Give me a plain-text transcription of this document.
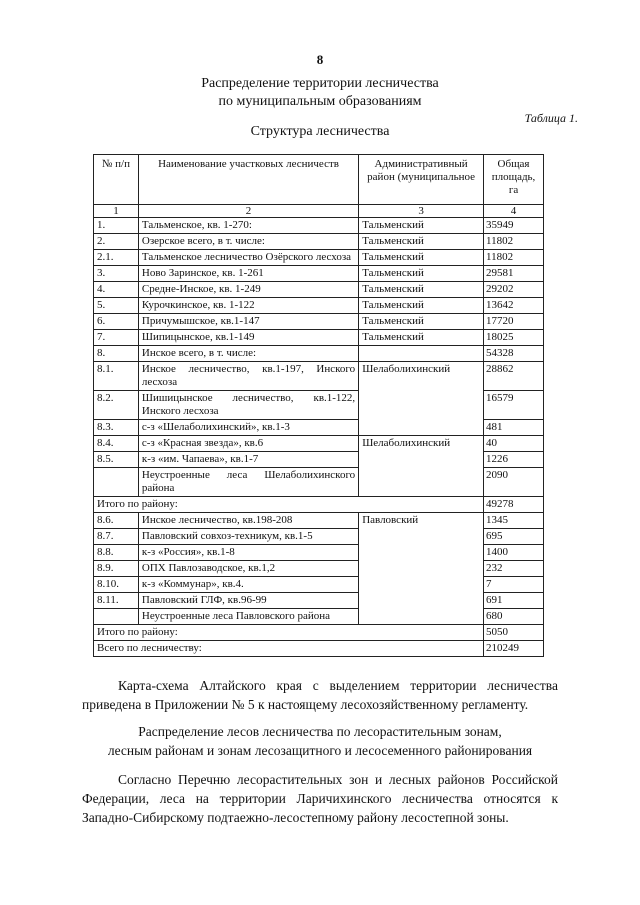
8
Распределение территории лесничества
по муниципальным образованиям
Таблица 1.
Структура лесничества
№ п/п	Наименование участковых лесничеств	Административный район (муниципальное	Общая площадь, га
1	2	3	4
1.	Тальменское, кв. 1-270:	Тальменский	35949
2.	Озерское всего, в т. числе:	Тальменский	11802
2.1.	Тальменское лесничество Озёрского лесхоза	Тальменский	11802
3.	Ново Заринское, кв. 1-261	Тальменский	29581
4.	Средне-Инское, кв. 1-249	Тальменский	29202
5.	Курочкинское, кв. 1-122	Тальменский	13642
6.	Причумышское, кв.1-147	Тальменский	17720
7.	Шипицынское, кв.1-149	Тальменский	18025
8.	Инское всего, в т. числе:		54328
8.1.	Инское лесничество, кв.1-197, Инского лесхоза	Шелаболихинский	28862
8.2.	Шишицынское лесничество, кв.1-122, Инского лесхоза		16579
8.3.	с-з «Шелаболихинский», кв.1-3		481
8.4.	с-з «Красная звезда», кв.6	Шелаболихинский	40
8.5.	к-з «им. Чапаева», кв.1-7		1226
	Неустроенные леса Шелаболихинского района		2090
Итого по району:			49278
8.6.	Инское лесничество, кв.198-208	Павловский	1345
8.7.	Павловский совхоз-техникум, кв.1-5		695
8.8.	к-з «Россия», кв.1-8		1400
8.9.	ОПХ Павлозаводское, кв.1,2		232
8.10.	к-з «Коммунар», кв.4.		7
8.11.	Павловский ГЛФ, кв.96-99		691
	Неустроенные леса Павловского района		680
Итого по району:			5050
Всего по лесничеству:			210249
Карта-схема Алтайского края с выделением территории лесничества приведена в Приложении № 5 к настоящему лесохозяйственному регламенту.
Распределение лесов лесничества по лесорастительным зонам,
лесным районам и зонам лесозащитного и лесосеменного районирования
Согласно Перечню лесорастительных зон и лесных районов Российской Федерации, леса на территории Ларичихинского лесничества относятся к Западно-Сибирскому подтаежно-лесостепному району лесостепной зоны.
